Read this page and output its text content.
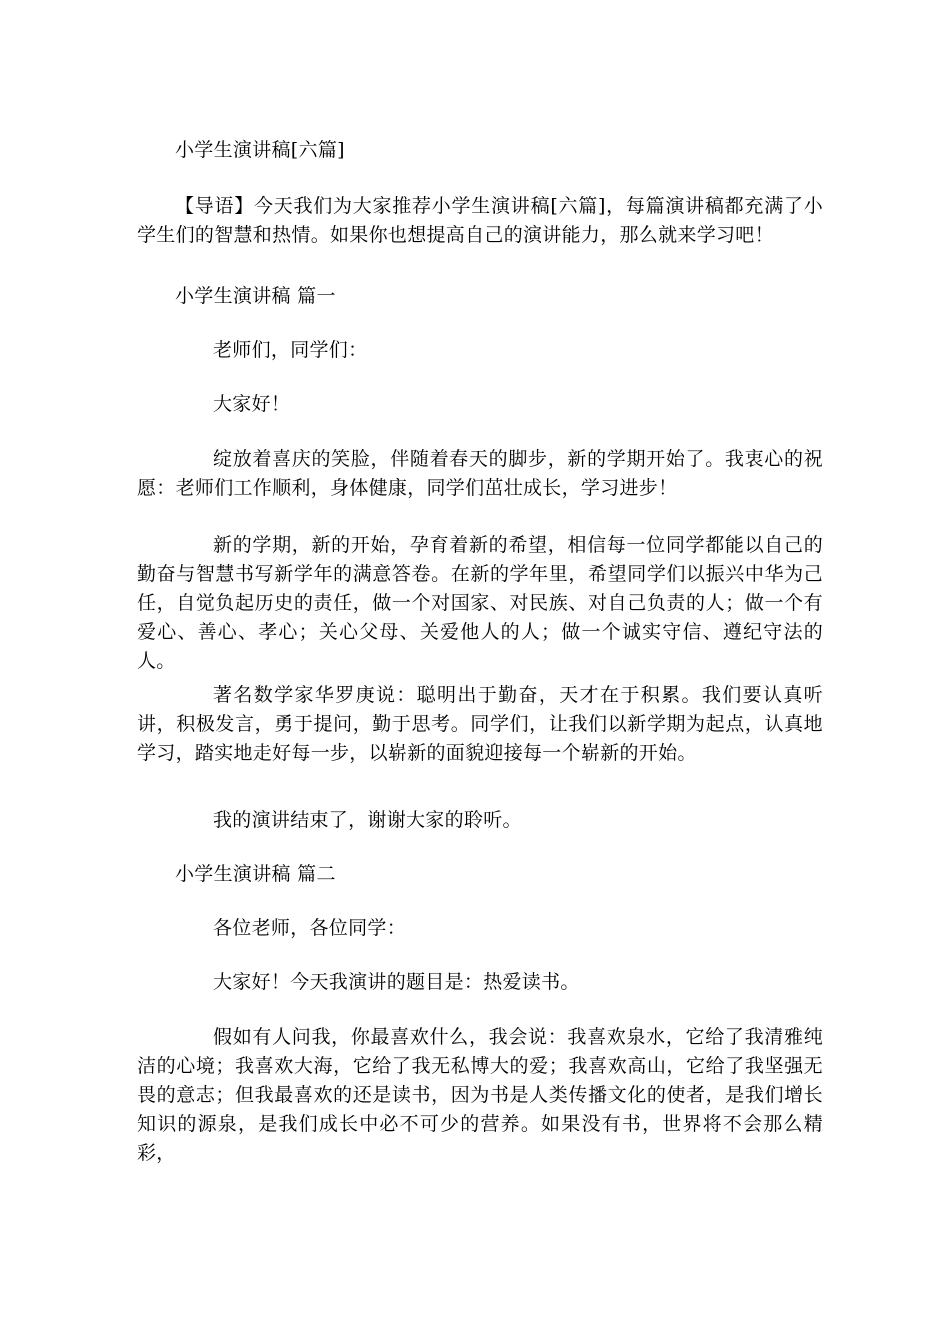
小学生演讲稿[六篇]
【导语】今天我们为大家推荐小学生演讲稿[六篇]，每篇演讲稿都充满了小学生们的智慧和热情。如果你也想提高自己的演讲能力，那么就来学习吧！
小学生演讲稿 篇一
老师们，同学们：
大家好！
绽放着喜庆的笑脸，伴随着春天的脚步，新的学期开始了。我衷心的祝愿：老师们工作顺利，身体健康，同学们茁壮成长，学习进步！
新的学期，新的开始，孕育着新的希望，相信每一位同学都能以自己的勤奋与智慧书写新学年的满意答卷。在新的学年里，希望同学们以振兴中华为己任，自觉负起历史的责任，做一个对国家、对民族、对自己负责的人；做一个有爱心、善心、孝心；关心父母、关爱他人的人；做一个诚实守信、遵纪守法的人。
著名数学家华罗庚说：聪明出于勤奋，天才在于积累。我们要认真听讲，积极发言，勇于提问，勤于思考。同学们，让我们以新学期为起点，认真地学习，踏实地走好每一步，以崭新的面貌迎接每一个崭新的开始。
我的演讲结束了，谢谢大家的聆听。
小学生演讲稿 篇二
各位老师，各位同学：
大家好！今天我演讲的题目是：热爱读书。
假如有人问我，你最喜欢什么，我会说：我喜欢泉水，它给了我清雅纯洁的心境；我喜欢大海，它给了我无私博大的爱；我喜欢高山，它给了我坚强无畏的意志；但我最喜欢的还是读书，因为书是人类传播文化的使者，是我们增长知识的源泉，是我们成长中必不可少的营养。如果没有书，世界将不会那么精彩，
